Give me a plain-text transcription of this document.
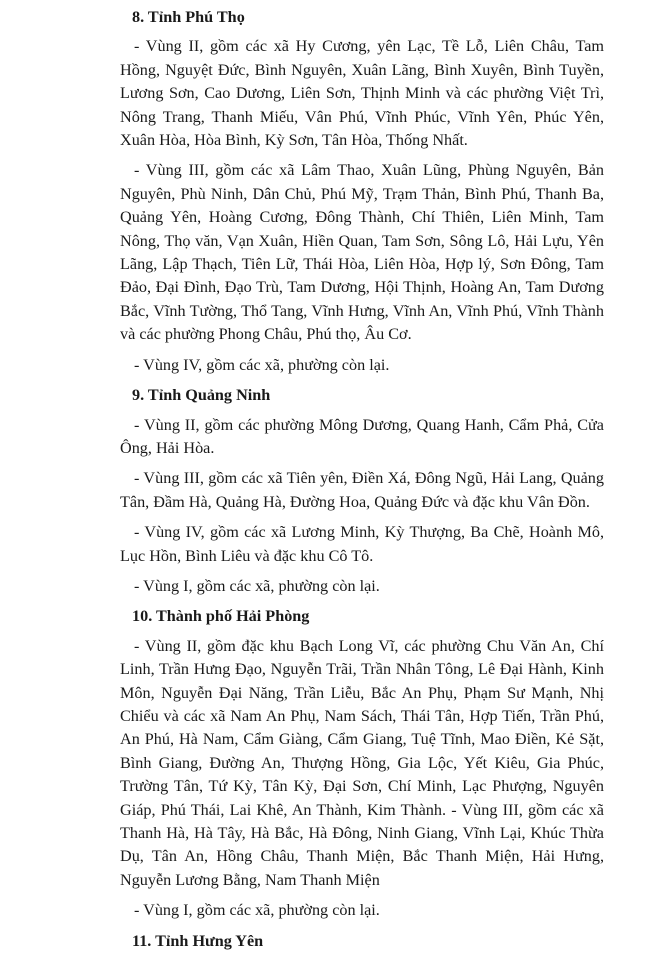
8. Tỉnh Phú Thọ

- Vùng II, gồm các xã Hy Cương, yên Lạc, Tề Lỗ, Liên Châu, Tam Hồng, Nguyệt Đức, Bình Nguyên, Xuân Lãng, Bình Xuyên, Bình Tuyền, Lương Sơn, Cao Dương, Liên Sơn, Thịnh Minh và các phường Việt Trì, Nông Trang, Thanh Miếu, Vân Phú, Vĩnh Phúc, Vĩnh Yên, Phúc Yên, Xuân Hòa, Hòa Bình, Kỳ Sơn, Tân Hòa, Thống Nhất.

- Vùng III, gồm các xã Lâm Thao, Xuân Lũng, Phùng Nguyên, Bản Nguyên, Phù Ninh, Dân Chủ, Phú Mỹ, Trạm Thản, Bình Phú, Thanh Ba, Quảng Yên, Hoàng Cương, Đông Thành, Chí Thiên, Liên Minh, Tam Nông, Thọ văn, Vạn Xuân, Hiền Quan, Tam Sơn, Sông Lô, Hải Lựu, Yên Lãng, Lập Thạch, Tiên Lữ, Thái Hòa, Liên Hòa, Hợp lý, Sơn Đông, Tam Đảo, Đại Đình, Đạo Trù, Tam Dương, Hội Thịnh, Hoàng An, Tam Dương Bắc, Vĩnh Tường, Thổ Tang, Vĩnh Hưng, Vĩnh An, Vĩnh Phú, Vĩnh Thành và các phường Phong Châu, Phú thọ, Âu Cơ.

- Vùng IV, gồm các xã, phường còn lại.

9. Tỉnh Quảng Ninh

- Vùng II, gồm các phường Mông Dương, Quang Hanh, Cẩm Phả, Cửa Ông, Hải Hòa.

- Vùng III, gồm các xã Tiên yên, Điền Xá, Đông Ngũ, Hải Lang, Quảng Tân, Đầm Hà, Quảng Hà, Đường Hoa, Quảng Đức và đặc khu Vân Đồn.

- Vùng IV, gồm các xã Lương Minh, Kỳ Thượng, Ba Chẽ, Hoành Mô, Lục Hồn, Bình Liêu và đặc khu Cô Tô.

- Vùng I, gồm các xã, phường còn lại.

10. Thành phố Hải Phòng

- Vùng II, gồm đặc khu Bạch Long Vĩ, các phường Chu Văn An, Chí Linh, Trần Hưng Đạo, Nguyễn Trãi, Trần Nhân Tông, Lê Đại Hành, Kinh Môn, Nguyễn Đại Năng, Trần Liễu, Bắc An Phụ, Phạm Sư Mạnh, Nhị Chiểu và các xã Nam An Phụ, Nam Sách, Thái Tân, Hợp Tiến, Trần Phú, An Phú, Hà Nam, Cẩm Giàng, Cẩm Giang, Tuệ Tĩnh, Mao Điền, Kẻ Sặt, Bình Giang, Đường An, Thượng Hồng, Gia Lộc, Yết Kiêu, Gia Phúc, Trường Tân, Tứ Kỳ, Tân Kỳ, Đại Sơn, Chí Minh, Lạc Phượng, Nguyên Giáp, Phú Thái, Lai Khê, An Thành, Kim Thành. - Vùng III, gồm các xã Thanh Hà, Hà Tây, Hà Bắc, Hà Đông, Ninh Giang, Vĩnh Lại, Khúc Thừa Dụ, Tân An, Hồng Châu, Thanh Miện, Bắc Thanh Miện, Hải Hưng, Nguyễn Lương Bằng, Nam Thanh Miện

- Vùng I, gồm các xã, phường còn lại.

11. Tỉnh Hưng Yên
